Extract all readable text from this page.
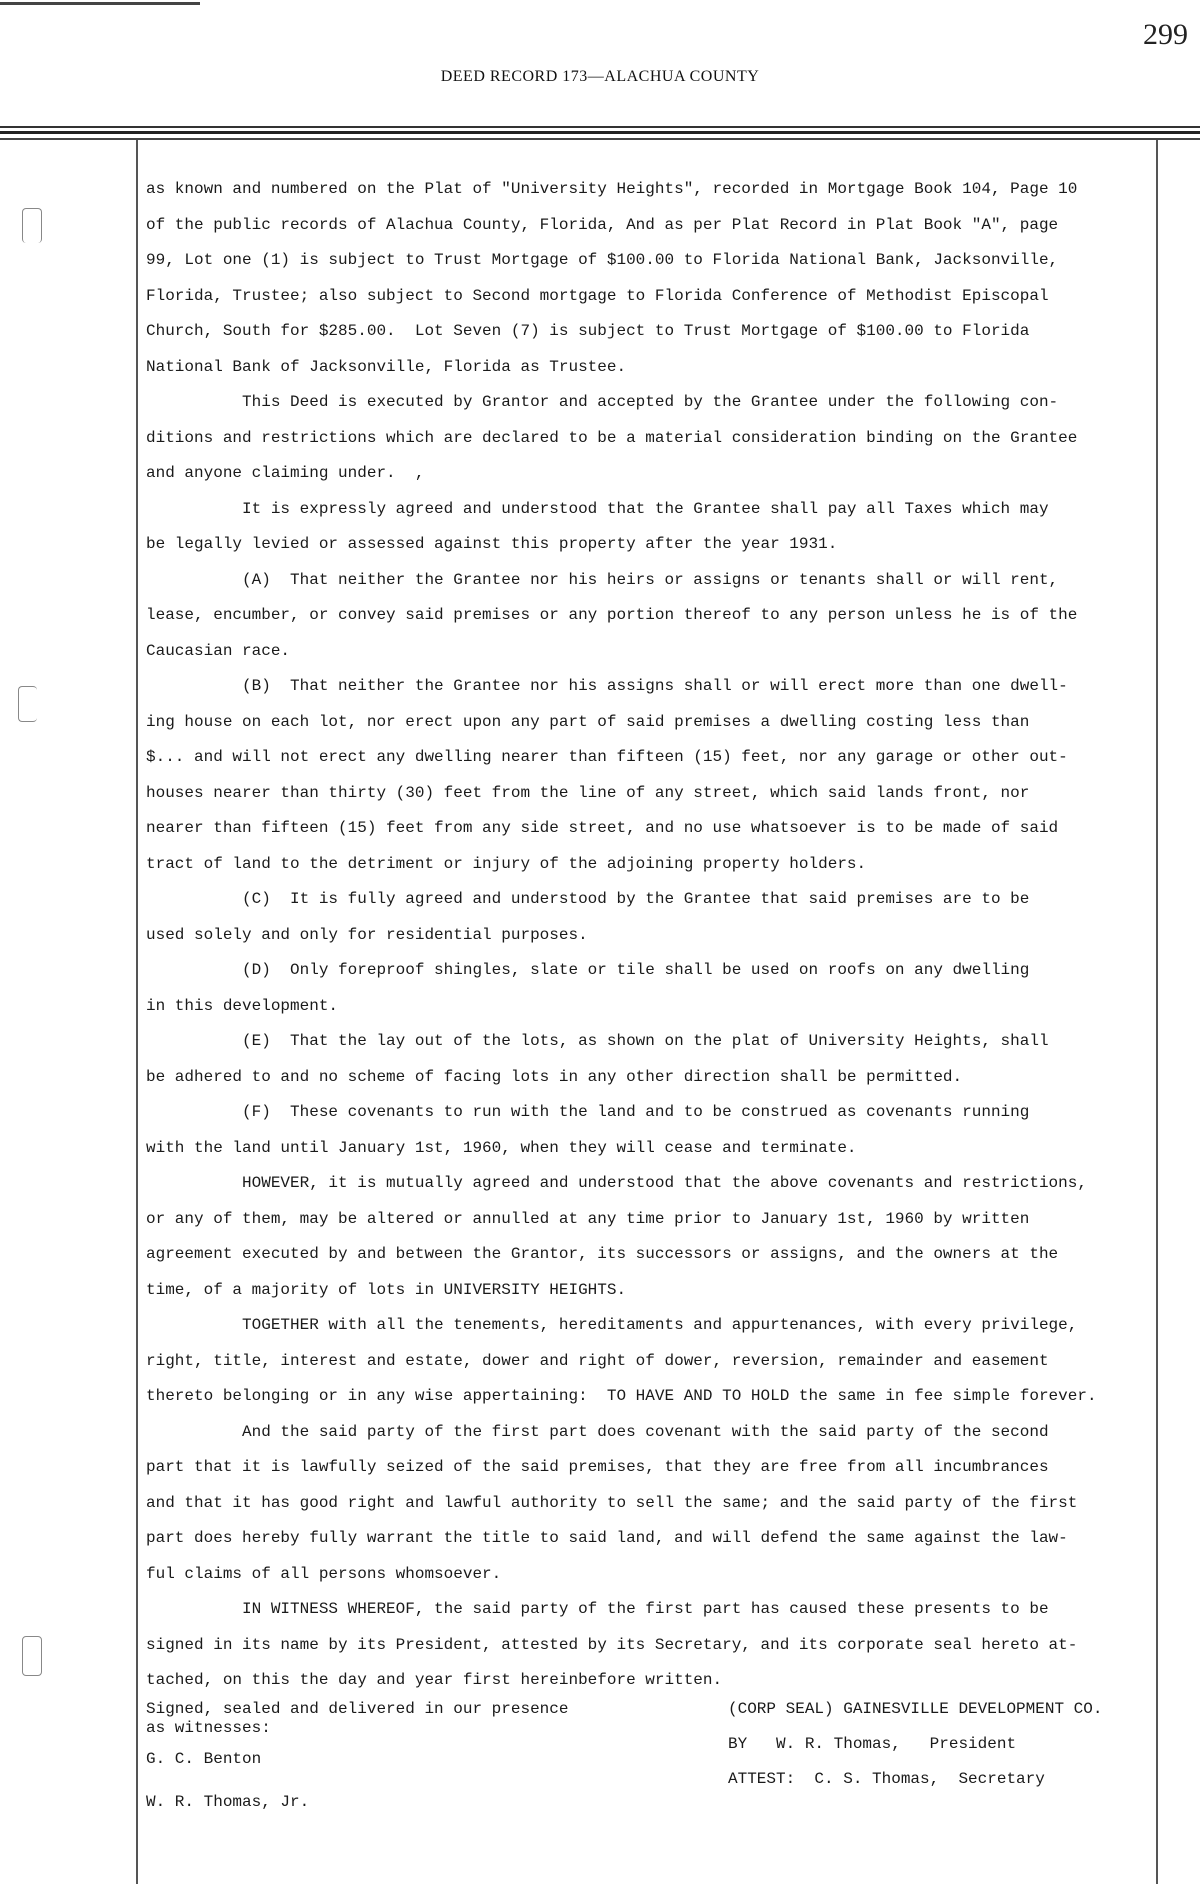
299
DEED RECORD 173—ALACHUA COUNTY

as known and numbered on the Plat of "University Heights", recorded in Mortgage Book 104, Page 10

of the public records of Alachua County, Florida, And as per Plat Record in Plat Book "A", page

99, Lot one (1) is subject to Trust Mortgage of $100.00 to Florida National Bank, Jacksonville,

Florida, Trustee; also subject to Second mortgage to Florida Conference of Methodist Episcopal

Church, South for $285.00.  Lot Seven (7) is subject to Trust Mortgage of $100.00 to Florida

National Bank of Jacksonville, Florida as Trustee.

This Deed is executed by Grantor and accepted by the Grantee under the following con-

ditions and restrictions which are declared to be a material consideration binding on the Grantee

and anyone claiming under.  ,

It is expressly agreed and understood that the Grantee shall pay all Taxes which may

be legally levied or assessed against this property after the year 1931.

(A)  That neither the Grantee nor his heirs or assigns or tenants shall or will rent,

lease, encumber, or convey said premises or any portion thereof to any person unless he is of the

Caucasian race.

(B)  That neither the Grantee nor his assigns shall or will erect more than one dwell-

ing house on each lot, nor erect upon any part of said premises a dwelling costing less than

$... and will not erect any dwelling nearer than fifteen (15) feet, nor any garage or other out-

houses nearer than thirty (30) feet from the line of any street, which said lands front, nor

nearer than fifteen (15) feet from any side street, and no use whatsoever is to be made of said

tract of land to the detriment or injury of the adjoining property holders.

(C)  It is fully agreed and understood by the Grantee that said premises are to be

used solely and only for residential purposes.

(D)  Only foreproof shingles, slate or tile shall be used on roofs on any dwelling

in this development.

(E)  That the lay out of the lots, as shown on the plat of University Heights, shall

be adhered to and no scheme of facing lots in any other direction shall be permitted.

(F)  These covenants to run with the land and to be construed as covenants running

with the land until January 1st, 1960, when they will cease and terminate.

HOWEVER, it is mutually agreed and understood that the above covenants and restrictions,

or any of them, may be altered or annulled at any time prior to January 1st, 1960 by written

agreement executed by and between the Grantor, its successors or assigns, and the owners at the

time, of a majority of lots in UNIVERSITY HEIGHTS.

TOGETHER with all the tenements, hereditaments and appurtenances, with every privilege,

right, title, interest and estate, dower and right of dower, reversion, remainder and easement

thereto belonging or in any wise appertaining:  TO HAVE AND TO HOLD the same in fee simple forever.

And the said party of the first part does covenant with the said party of the second

part that it is lawfully seized of the said premises, that they are free from all incumbrances

and that it has good right and lawful authority to sell the same; and the said party of the first

part does hereby fully warrant the title to said land, and will defend the same against the law-

ful claims of all persons whomsoever.

IN WITNESS WHEREOF, the said party of the first part has caused these presents to be

signed in its name by its President, attested by its Secretary, and its corporate seal hereto at-

tached, on this the day and year first hereinbefore written.

Signed, sealed and delivered in our presence
as witnesses:

G. C. Benton
W. R. Thomas, Jr.
(CORP SEAL) GAINESVILLE DEVELOPMENT CO.
BY   W. R. Thomas,   President
ATTEST:  C. S. Thomas,  Secretary
